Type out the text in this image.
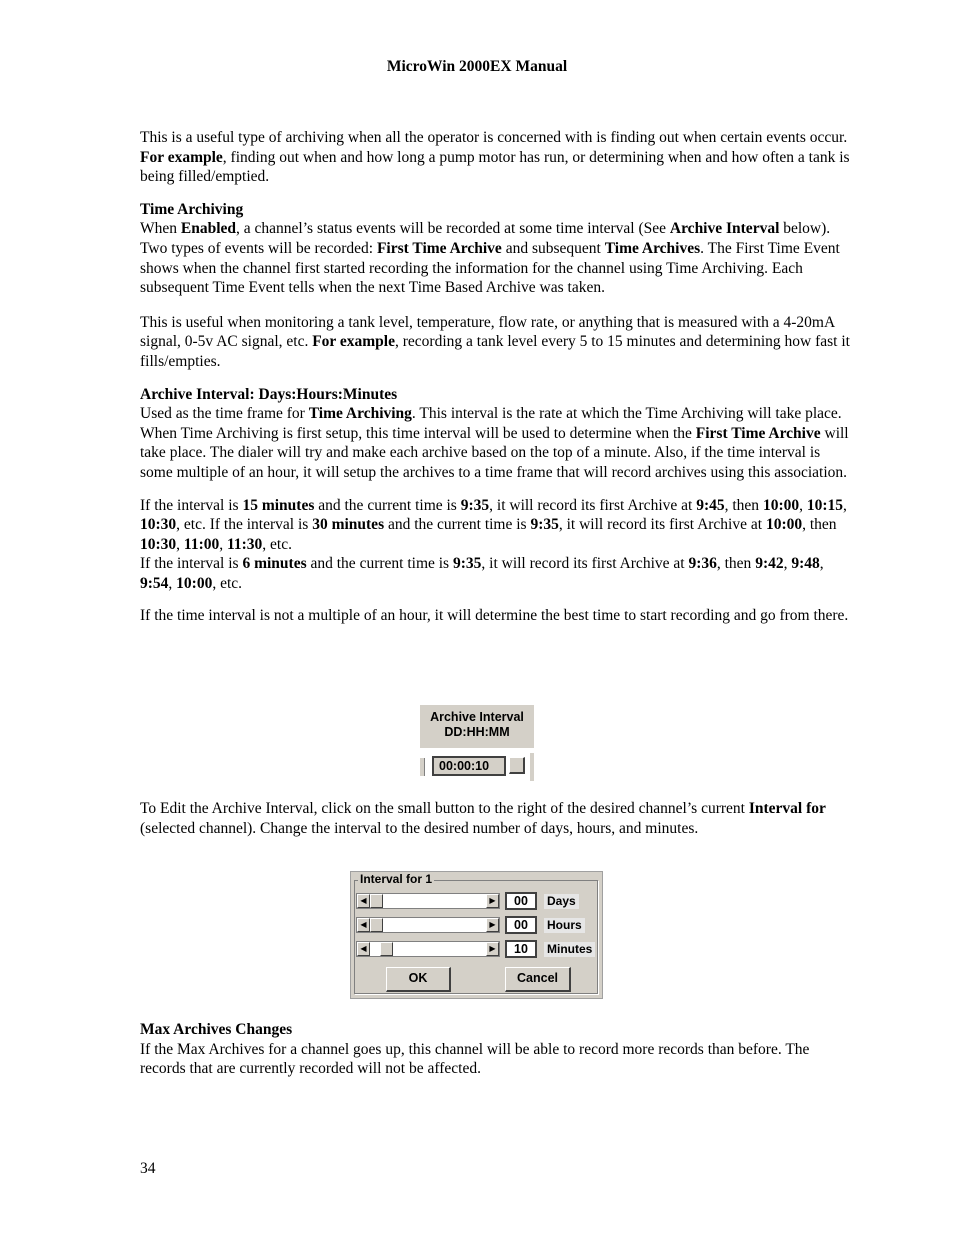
MicroWin 2000EX Manual

This is a useful type of archiving when all the operator is concerned with is finding out when certain events occur. For example, finding out when and how long a pump motor has run, or determining when and how often a tank is being filled/emptied.

Time Archiving

When Enabled, a channel’s status events will be recorded at some time interval (See Archive Interval below). Two types of events will be recorded: First Time Archive and subsequent Time Archives. The First Time Event shows when the channel first started recording the information for the channel using Time Archiving. Each subsequent Time Event tells when the next Time Based Archive was taken.

This is useful when monitoring a tank level, temperature, flow rate, or anything that is measured with a 4-20mA signal, 0-5v AC signal, etc. For example, recording a tank level every 5 to 15 minutes and determining how fast it fills/empties.

Archive Interval: Days:Hours:Minutes

Used as the time frame for Time Archiving. This interval is the rate at which the Time Archiving will take place. When Time Archiving is first setup, this time interval will be used to determine when the First Time Archive will take place. The dialer will try and make each archive based on the top of a minute. Also, if the time interval is some multiple of an hour, it will setup the archives to a time frame that will record archives using this association.

If the interval is 15 minutes and the current time is 9:35, it will record its first Archive at 9:45, then 10:00, 10:15, 10:30, etc. If the interval is 30 minutes and the current time is 9:35, it will record its first Archive at 10:00, then 10:30, 11:00, 11:30, etc.
If the interval is 6 minutes and the current time is 9:35, it will record its first Archive at 9:36, then 9:42, 9:48, 9:54, 10:00, etc.

If the time interval is not a multiple of an hour, it will determine the best time to start recording and go from there.

Archive Interval
DD:HH:MM
00:00:10

To Edit the Archive Interval, click on the small button to the right of the desired channel’s current Interval for (selected channel). Change the interval to the desired number of days, hours, and minutes.

Interval for 1
◀	▶	00	Days
◀	▶	00	Hours
◀	▶	10	Minutes
OK	Cancel

Max Archives Changes

If the Max Archives for a channel goes up, this channel will be able to record more records than before. The records that are currently recorded will not be affected.

34
